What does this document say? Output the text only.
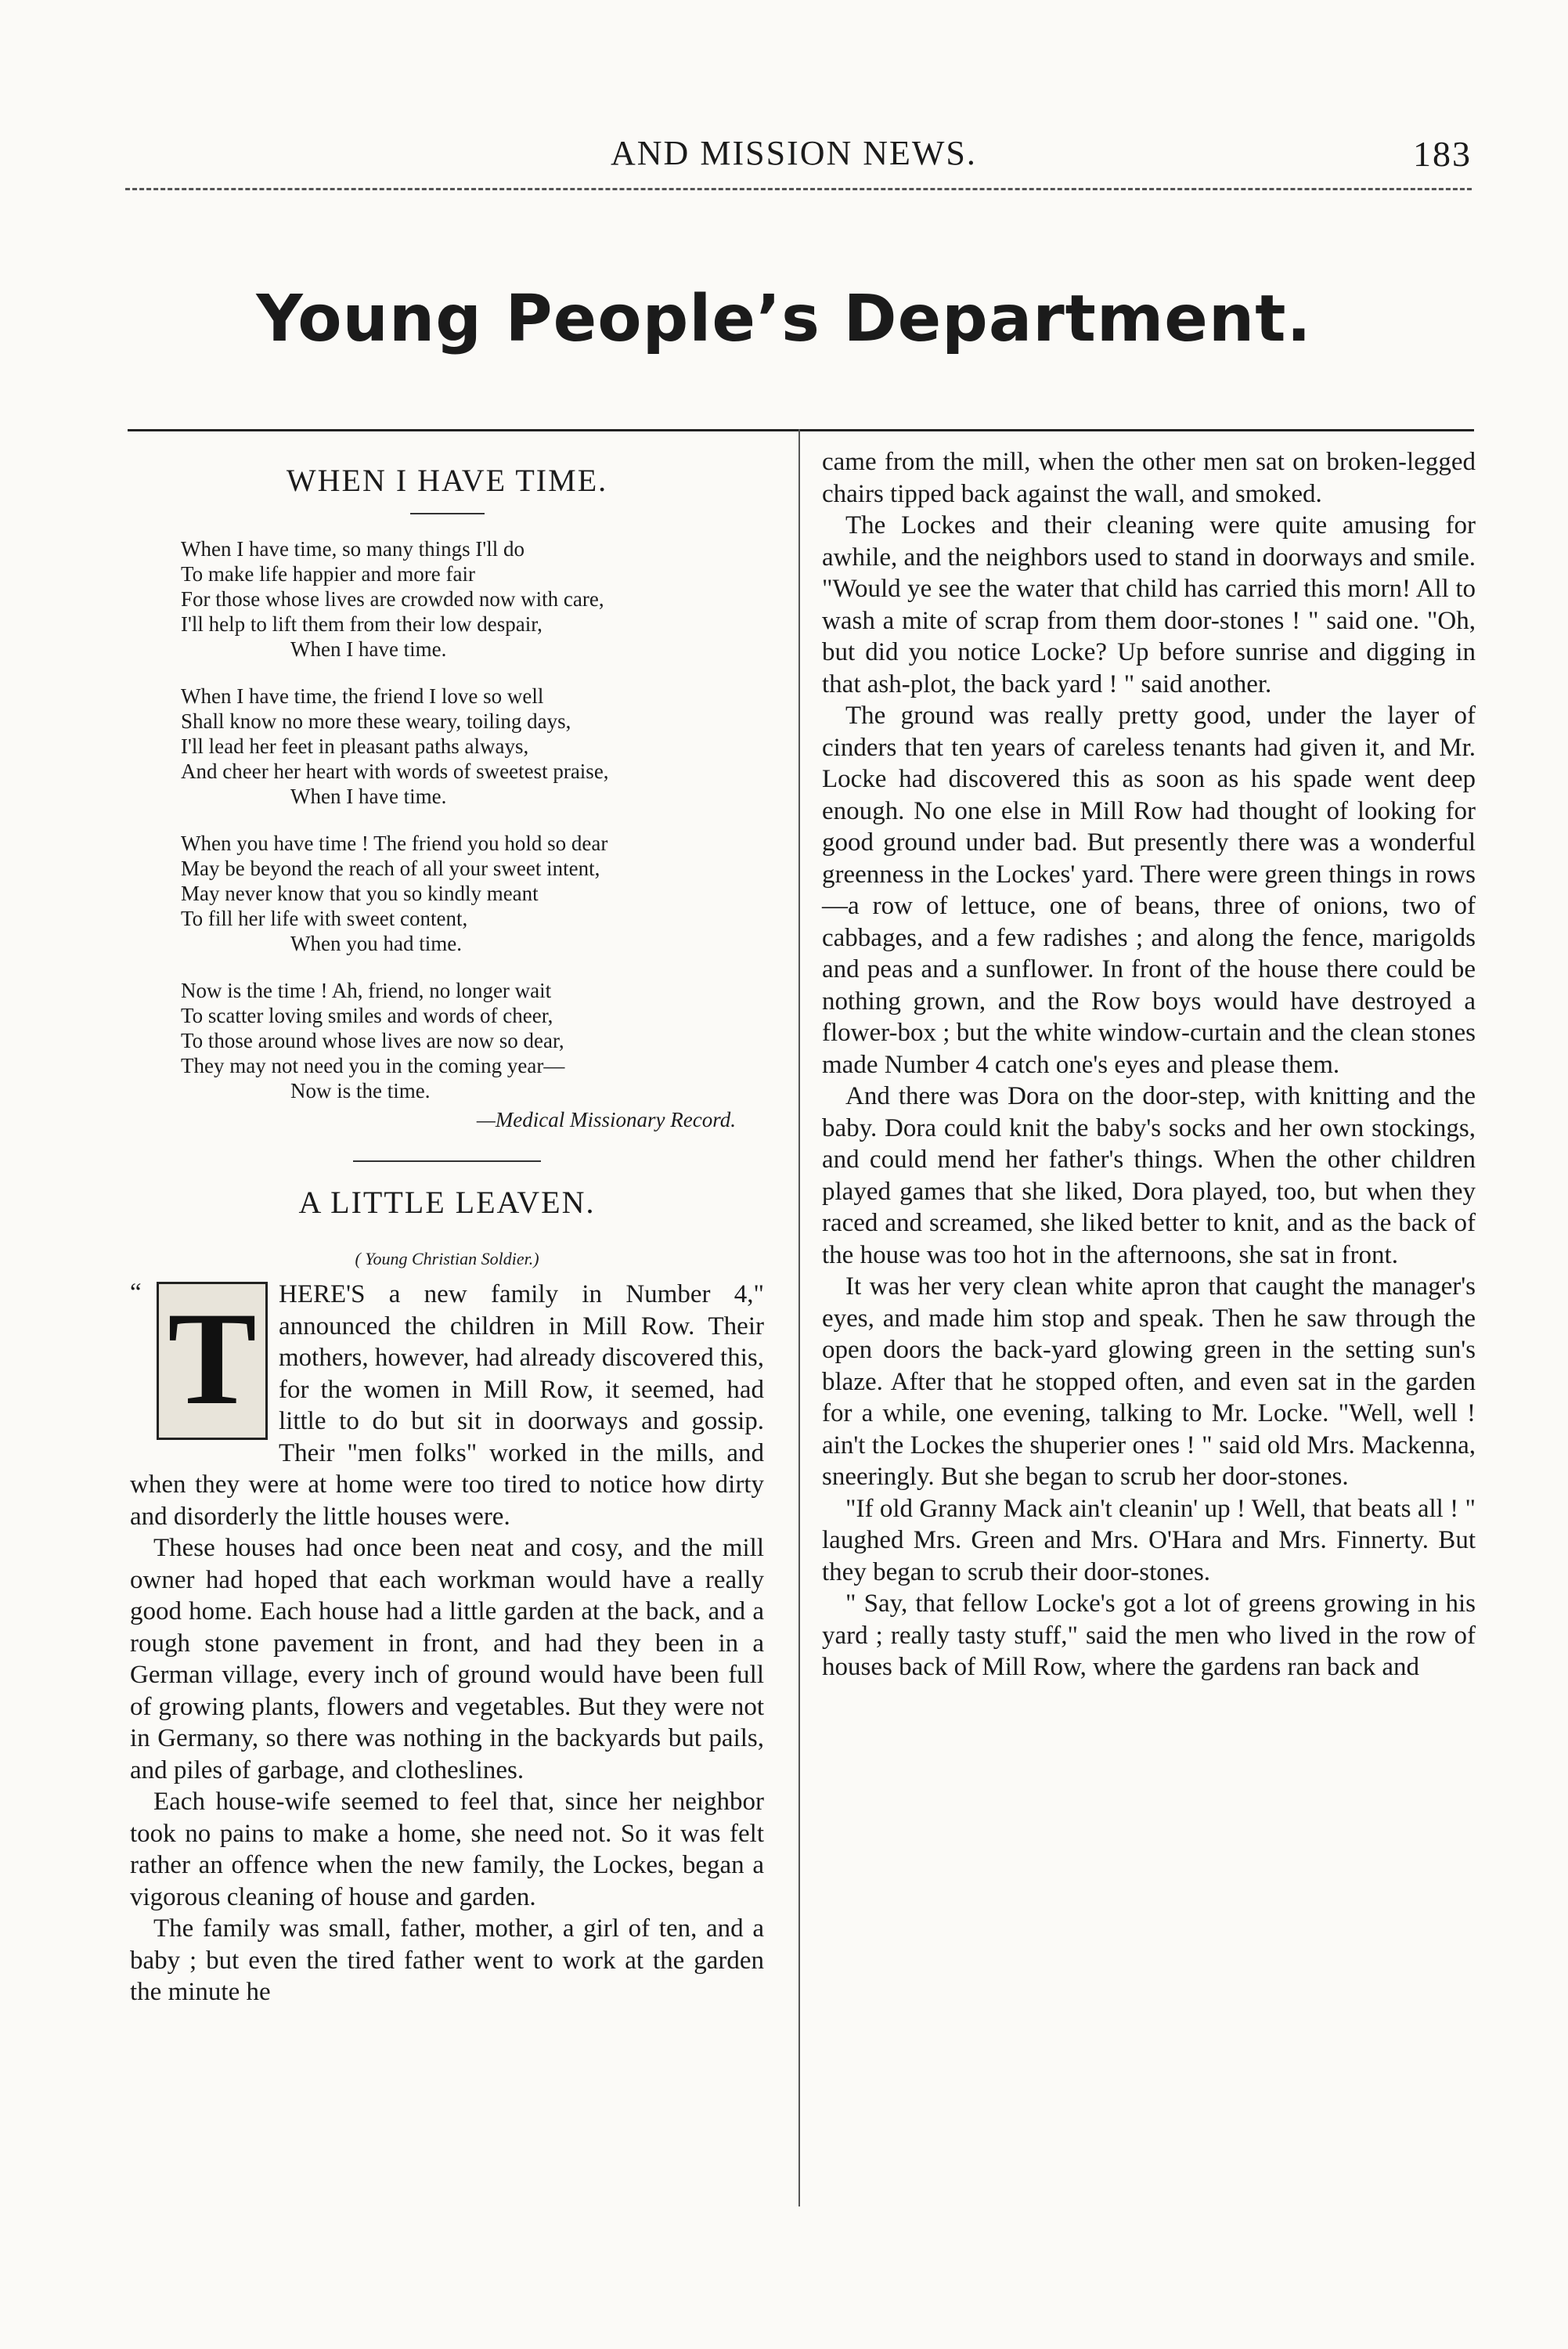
AND MISSION NEWS.	183
Young People’s Department.
WHEN I HAVE TIME.
When I have time, so many things I'll do
To make life happier and more fair
For those whose lives are crowded now with care,
I'll help to lift them from their low despair,
When I have time.
When I have time, the friend I love so well
Shall know no more these weary, toiling days,
I'll lead her feet in pleasant paths always,
And cheer her heart with words of sweetest praise,
When I have time.
When you have time ! The friend you hold so dear
May be beyond the reach of all your sweet intent,
May never know that you so kindly meant
To fill her life with sweet content,
When you had time.
Now is the time ! Ah, friend, no longer wait
To scatter loving smiles and words of cheer,
To those around whose lives are now so dear,
They may not need you in the coming year—
Now is the time.
—Medical Missionary Record.
A LITTLE LEAVEN.
( Young Christian Soldier.)
“ T HERE'S a new family in Number 4," announced the children in Mill Row. Their mothers, however, had already discovered this, for the women in Mill Row, it seemed, had little to do but sit in doorways and gossip. Their "men folks" worked in the mills, and when they were at home were too tired to notice how dirty and disorderly the little houses were.

These houses had once been neat and cosy, and the mill owner had hoped that each workman would have a really good home. Each house had a little garden at the back, and a rough stone pavement in front, and had they been in a German village, every inch of ground would have been full of growing plants, flowers and vegetables. But they were not in Germany, so there was nothing in the backyards but pails, and piles of garbage, and clotheslines.

Each house-wife seemed to feel that, since her neighbor took no pains to make a home, she need not. So it was felt rather an offence when the new family, the Lockes, began a vigorous cleaning of house and garden.

The family was small, father, mother, a girl of ten, and a baby ; but even the tired father went to work at the garden the minute he

came from the mill, when the other men sat on broken-legged chairs tipped back against the wall, and smoked.

The Lockes and their cleaning were quite amusing for awhile, and the neighbors used to stand in doorways and smile. "Would ye see the water that child has carried this morn! All to wash a mite of scrap from them door-stones ! " said one. "Oh, but did you notice Locke? Up before sunrise and digging in that ash-plot, the back yard ! " said another.

The ground was really pretty good, under the layer of cinders that ten years of careless tenants had given it, and Mr. Locke had discovered this as soon as his spade went deep enough. No one else in Mill Row had thought of looking for good ground under bad. But presently there was a wonderful greenness in the Lockes' yard. There were green things in rows—a row of lettuce, one of beans, three of onions, two of cabbages, and a few radishes ; and along the fence, marigolds and peas and a sunflower. In front of the house there could be nothing grown, and the Row boys would have destroyed a flower-box ; but the white window-curtain and the clean stones made Number 4 catch one's eyes and please them.

And there was Dora on the door-step, with knitting and the baby. Dora could knit the baby's socks and her own stockings, and could mend her father's things. When the other children played games that she liked, Dora played, too, but when they raced and screamed, she liked better to knit, and as the back of the house was too hot in the afternoons, she sat in front.

It was her very clean white apron that caught the manager's eyes, and made him stop and speak. Then he saw through the open doors the back-yard glowing green in the setting sun's blaze. After that he stopped often, and even sat in the garden for a while, one evening, talking to Mr. Locke. "Well, well ! ain't the Lockes the shuperier ones ! " said old Mrs. Mackenna, sneeringly. But she began to scrub her door-stones.

"If old Granny Mack ain't cleanin' up ! Well, that beats all ! " laughed Mrs. Green and Mrs. O'Hara and Mrs. Finnerty. But they began to scrub their door-stones.

" Say, that fellow Locke's got a lot of greens growing in his yard ; really tasty stuff," said the men who lived in the row of houses back of Mill Row, where the gardens ran back and
